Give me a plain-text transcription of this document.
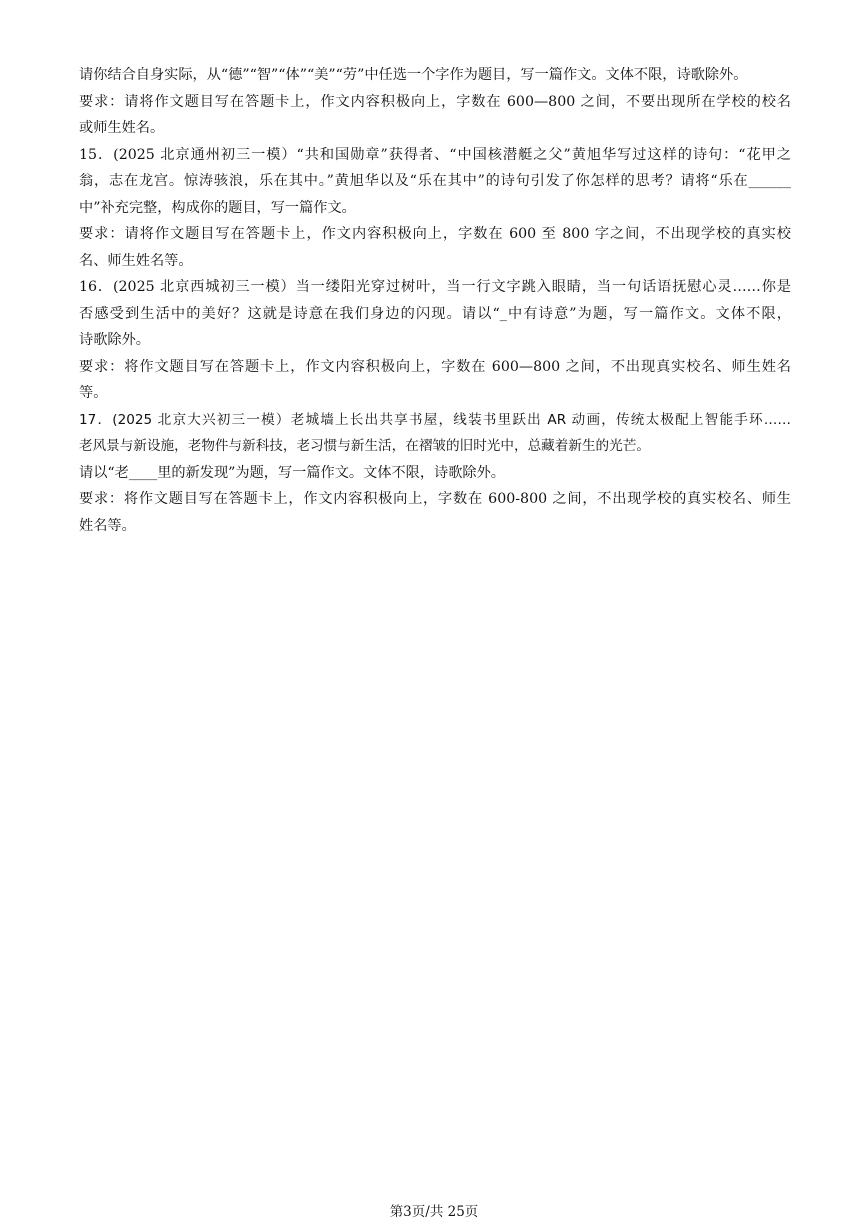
请你结合自身实际，从“德”“智”“体”“美”“劳”中任选一个字作为题目，写一篇作文。文体不限，诗歌除外。
要求：请将作文题目写在答题卡上，作文内容积极向上，字数在 600—800 之间，不要出现所在学校的校名
或师生姓名。
15．(2025 北京通州初三一模）“共和国勋章”获得者、“中国核潜艇之父”黄旭华写过这样的诗句：“花甲之
翁，志在龙宫。惊涛骇浪，乐在其中。”黄旭华以及“乐在其中”的诗句引发了你怎样的思考？请将“乐在______
中”补充完整，构成你的题目，写一篇作文。
要求：请将作文题目写在答题卡上，作文内容积极向上，字数在 600 至 800 字之间，不出现学校的真实校
名、师生姓名等。
16．(2025 北京西城初三一模）当一缕阳光穿过树叶，当一行文字跳入眼睛，当一句话语抚慰心灵……你是
否感受到生活中的美好？这就是诗意在我们身边的闪现。请以“_中有诗意”为题，写一篇作文。文体不限，
诗歌除外。
要求：将作文题目写在答题卡上，作文内容积极向上，字数在 600—800 之间，不出现真实校名、师生姓名
等。
17．(2025 北京大兴初三一模）老城墙上长出共享书屋，线装书里跃出 AR 动画，传统太极配上智能手环……
老风景与新设施，老物件与新科技，老习惯与新生活，在褶皱的旧时光中，总藏着新生的光芒。
请以“老____里的新发现”为题，写一篇作文。文体不限，诗歌除外。
要求：将作文题目写在答题卡上，作文内容积极向上，字数在 600-800 之间，不出现学校的真实校名、师生
姓名等。
第3页/共 25页
